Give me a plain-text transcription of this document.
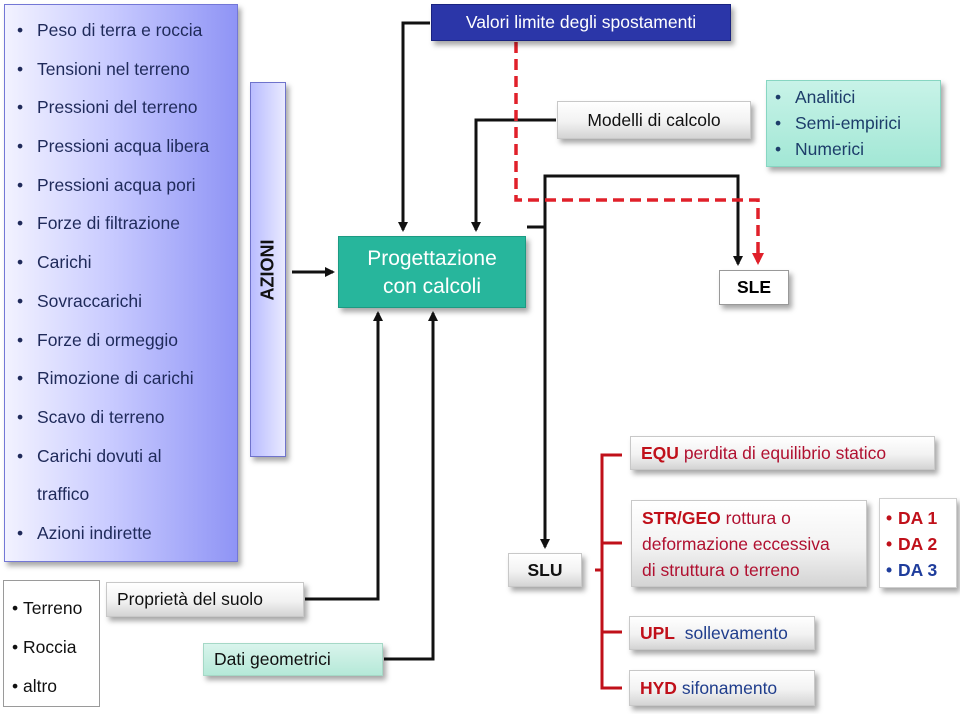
• Peso di terra e roccia
• Tensioni nel terreno
• Pressioni del terreno
• Pressioni acqua libera
• Pressioni acqua pori
• Forze di filtrazione
• Carichi
• Sovraccarichi
• Forze di ormeggio
• Rimozione di carichi
• Scavo di terreno
• Carichi dovuti al
traffico
• Azioni indirette
AZIONI
• Terreno
• Roccia
• altro
Proprietà del suolo
Dati geometrici
Progettazione
con calcoli
Valori limite degli spostamenti
Modelli di calcolo
• Analitici
• Semi-empirici
• Numerici
SLE
SLU
EQU
perdita di equilibrio statico
STR/GEO rottura o
deformazione eccessiva
di struttura o terreno
• DA 1
• DA 2
• DA 3
UPL
sollevamento
HYD
sifonamento
